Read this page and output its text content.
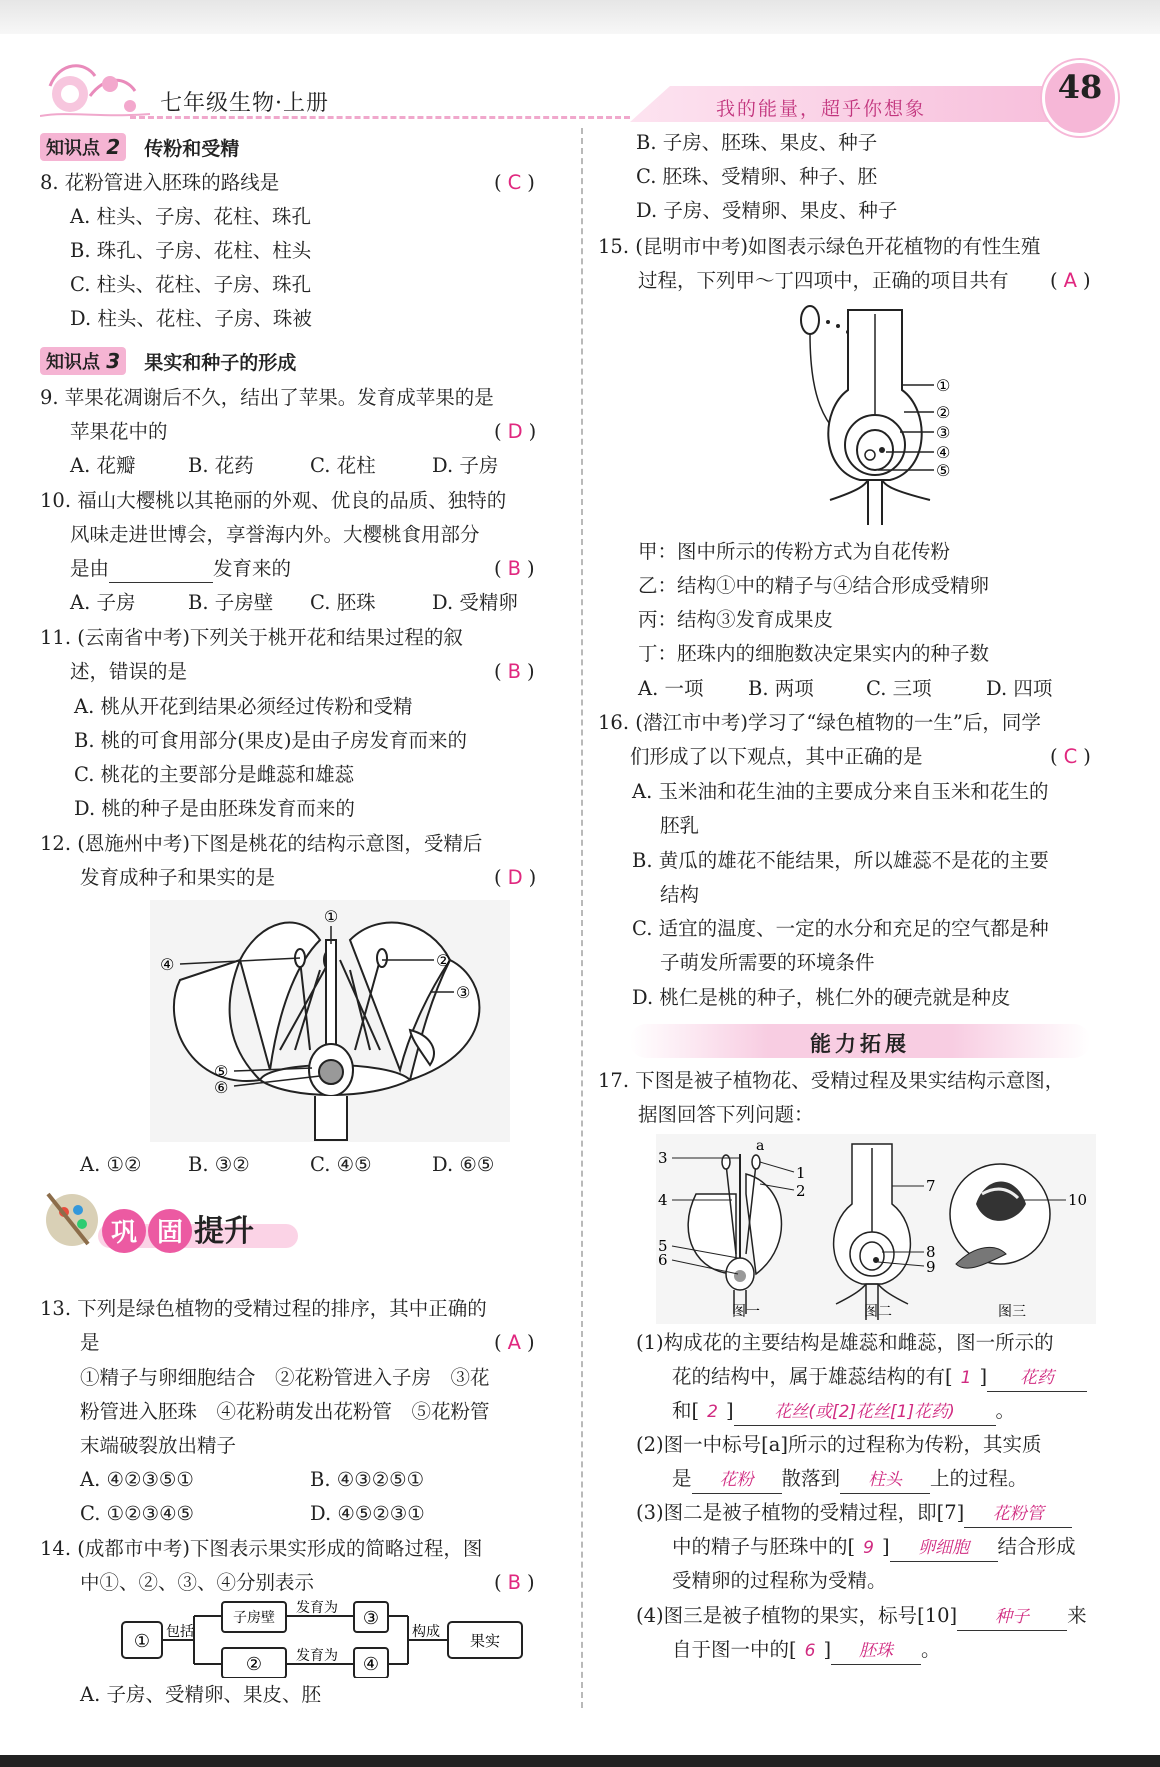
七年级生物·上册	我的能量，超乎你想象
48
知识点 2	传粉和受精
8. 花粉管进入胚珠的路线是	( C )
A. 柱头、子房、花柱、珠孔
B. 珠孔、子房、花柱、柱头
C. 柱头、花柱、子房、珠孔
D. 柱头、花柱、子房、珠被
知识点 3	果实和种子的形成
9. 苹果花凋谢后不久，结出了苹果。发育成苹果的是
苹果花中的	( D )
A. 花瓣	B. 花药	C. 花柱	D. 子房
10. 福山大樱桃以其艳丽的外观、优良的品质、独特的
风味走进世博会，享誉海内外。大樱桃食用部分
是由	发育来的	( B )
A. 子房	B. 子房壁 C. 胚珠	D. 受精卵
11. (云南省中考)下列关于桃开花和结果过程的叙
述，错误的是	( B )
A. 桃从开花到结果必须经过传粉和受精
B. 桃的可食用部分(果皮)是由子房发育而来的
C. 桃花的主要部分是雌蕊和雄蕊
D. 桃的种子是由胚珠发育而来的
12. (恩施州中考)下图是桃花的结构示意图，受精后
发育成种子和果实的是	( D )
①
②
③
④
⑤
⑥
A. ①② B. ③②	C. ④⑤	D. ⑥⑤
巩 固 提升
13. 下列是绿色植物的受精过程的排序，其中正确的
是	( A )
①精子与卵细胞结合　②花粉管进入子房　③花
粉管进入胚珠　④花粉萌发出花粉管　⑤花粉管
末端破裂放出精子
A. ④②③⑤①	B. ④③②⑤①
C. ①②③④⑤	D. ④⑤②③①
14. (成都市中考)下图表示果实形成的简略过程，图
中①、②、③、④分别表示	( B )
① 包括
子房壁
发育为 ③
② 发育为 ④
构成 果实
A. 子房、受精卵、果皮、胚
B. 子房、胚珠、果皮、种子
C. 胚珠、受精卵、种子、胚
D. 子房、受精卵、果皮、种子
15. (昆明市中考)如图表示绿色开花植物的有性生殖
过程，下列甲～丁四项中，正确的项目共有 ( A )
①
②
③
④
⑤
甲：图中所示的传粉方式为自花传粉
乙：结构①中的精子与④结合形成受精卵
丙：结构③发育成果皮
丁：胚珠内的细胞数决定果实内的种子数
A. 一项 B. 两项	C. 三项	D. 四项
16. (潜江市中考)学习了“绿色植物的一生”后，同学
们形成了以下观点，其中正确的是	( C )
A. 玉米油和花生油的主要成分来自玉米和花生的
胚乳
B. 黄瓜的雄花不能结果，所以雄蕊不是花的主要
结构
C. 适宜的温度、一定的水分和充足的空气都是种
子萌发所需要的环境条件
D. 桃仁是桃的种子，桃仁外的硬壳就是种皮
能力拓展
17. 下图是被子植物花、受精过程及果实结构示意图，
据图回答下列问题：
a
1
2
3
4
5
6
7
8
9
10
图一	图二	图三
(1)构成花的主要结构是雄蕊和雌蕊，图一所示的
花的结构中，属于雄蕊结构的有[ 1 ] 花药
和[ 2 ] 花丝(或[2]花丝[1]花药) 。
(2)图一中标号[a]所示的过程称为传粉，其实质
是 花粉 散落到 柱头 上的过程。
(3)图二是被子植物的受精过程，即[7] 花粉管
中的精子与胚珠中的[ 9 ] 卵细胞 结合形成
受精卵的过程称为受精。
(4)图三是被子植物的果实，标号[10] 种子 来
自于图一中的[ 6 ] 胚珠 。
